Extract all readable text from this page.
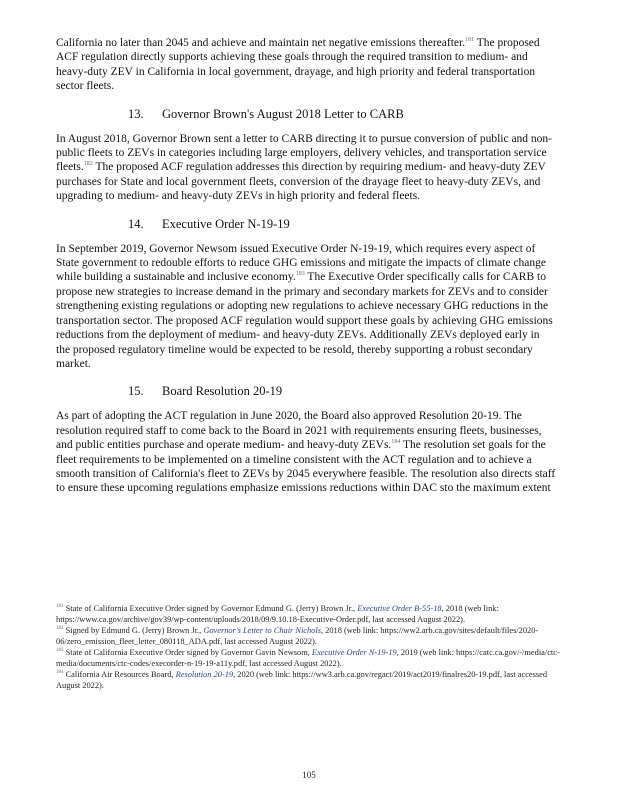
California no later than 2045 and achieve and maintain net negative emissions thereafter.$^{181}$ The proposed ACF regulation directly supports achieving these goals through the required transition to medium- and heavy-duty ZEV in California in local government, drayage, and high priority and federal transportation sector fleets.

13. Governor Brown's August 2018 Letter to CARB

In August 2018, Governor Brown sent a letter to CARB directing it to pursue conversion of public and non-public fleets to ZEVs in categories including large employers, delivery vehicles, and transportation service fleets.$^{182}$ The proposed ACF regulation addresses this direction by requiring medium- and heavy-duty ZEV purchases for State and local government fleets, conversion of the drayage fleet to heavy-duty ZEVs, and upgrading to medium- and heavy-duty ZEVs in high priority and federal fleets.

14. Executive Order N-19-19

In September 2019, Governor Newsom issued Executive Order N-19-19, which requires every aspect of State government to redouble efforts to reduce GHG emissions and mitigate the impacts of climate change while building a sustainable and inclusive economy.$^{183}$ The Executive Order specifically calls for CARB to propose new strategies to increase demand in the primary and secondary markets for ZEVs and to consider strengthening existing regulations or adopting new regulations to achieve necessary GHG reductions in the transportation sector. The proposed ACF regulation would support these goals by achieving GHG emissions reductions from the deployment of medium- and heavy-duty ZEVs. Additionally ZEVs deployed early in the proposed regulatory timeline would be expected to be resold, thereby supporting a robust secondary market.

15. Board Resolution 20-19

As part of adopting the ACT regulation in June 2020, the Board also approved Resolution 20-19. The resolution required staff to come back to the Board in 2021 with requirements ensuring fleets, businesses, and public entities purchase and operate medium- and heavy-duty ZEVs.$^{184}$ The resolution set goals for the fleet requirements to be implemented on a timeline consistent with the ACT regulation and to achieve a smooth transition of California's fleet to ZEVs by 2045 everywhere feasible. The resolution also directs staff to ensure these upcoming regulations emphasize emissions reductions within DAC sto the maximum extent

$^{181}$ State of California Executive Order signed by Governor Edmund G. (Jerry) Brown Jr., Executive Order B-55-18, 2018 (web link: https://www.ca.gov/archive/gov39/wp-content/uploads/2018/09/9.10.18-Executive-Order.pdf, last accessed August 2022).

$^{182}$ Signed by Edmund G. (Jerry) Brown Jr., Governor's Letter to Chair Nichols, 2018 (web link: https://ww2.arb.ca.gov/sites/default/files/2020-06/zero_emission_fleet_letter_080118_ADA.pdf, last accessed August 2022).

$^{183}$ State of California Executive Order signed by Governor Gavin Newsom, Executive Order N-19-19, 2019 (web link: https://catc.ca.gov/-/media/ctc-media/documents/ctc-codes/execorder-n-19-19-a11y.pdf, last accessed August 2022).

$^{184}$ California Air Resources Board, Resolution 20-19, 2020 (web link: https://ww3.arb.ca.gov/regact/2019/act2019/finalres20-19.pdf, last accessed August 2022).

105
